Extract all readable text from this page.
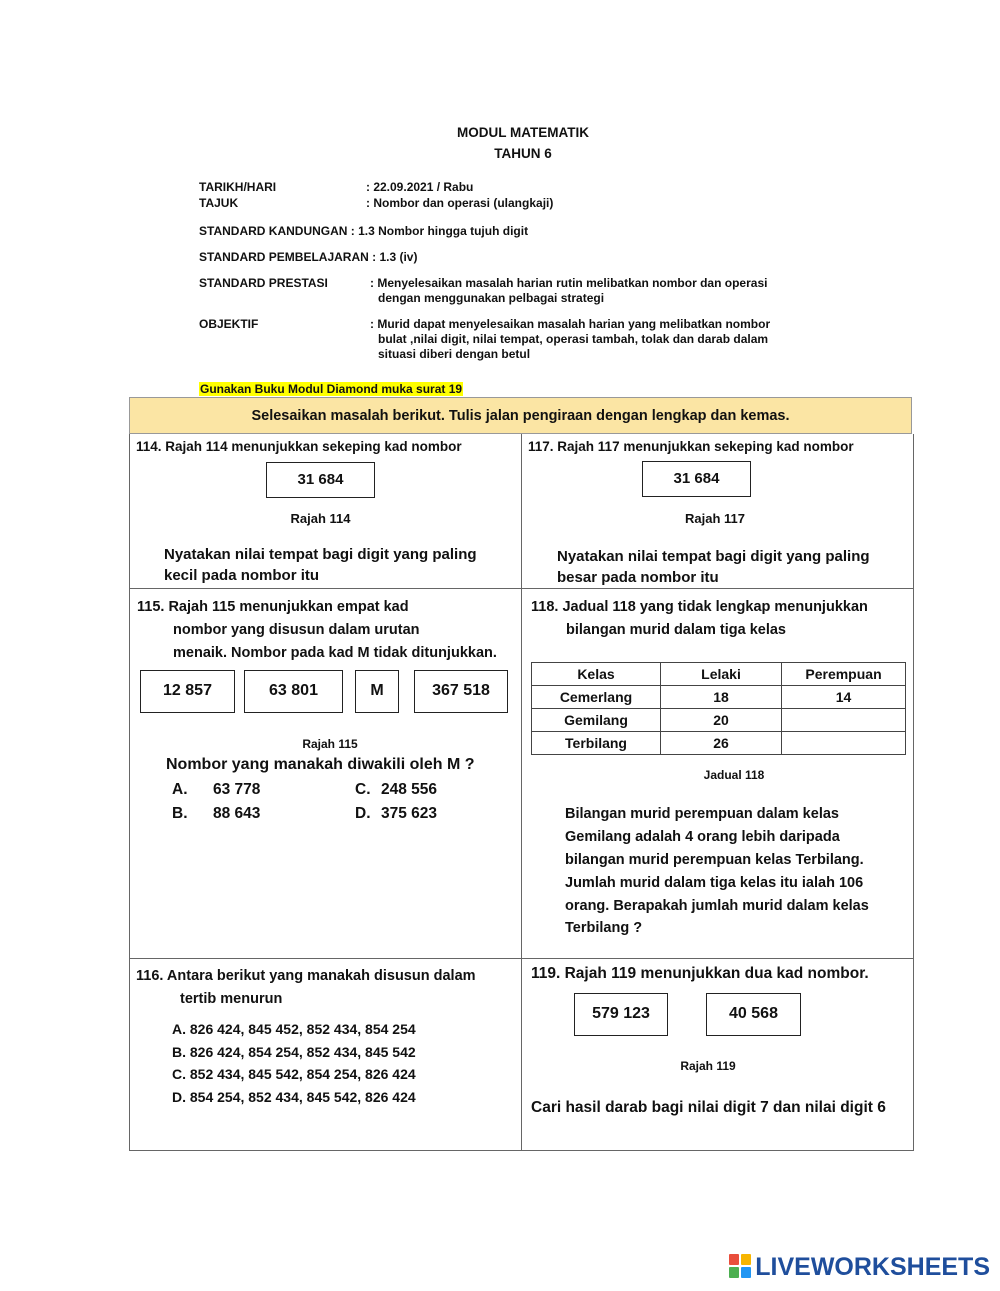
MODUL MATEMATIK
TAHUN 6
TARIKH/HARI	: 22.09.2021 / Rabu
TAJUK	: Nombor dan operasi (ulangkaji)
STANDARD KANDUNGAN : 1.3 Nombor hingga tujuh digit
STANDARD PEMBELAJARAN : 1.3 (iv)
STANDARD PRESTASI	: Menyelesaikan masalah harian rutin melibatkan nombor dan operasi
dengan menggunakan pelbagai strategi
OBJEKTIF	: Murid dapat menyelesaikan masalah harian yang melibatkan nombor
bulat ,nilai digit, nilai tempat, operasi tambah, tolak dan darab dalam
situasi diberi dengan betul
Gunakan Buku Modul Diamond muka surat 19
Selesaikan masalah berikut. Tulis jalan pengiraan dengan lengkap dan kemas.
114. Rajah 114 menunjukkan sekeping kad nombor
31 684
Rajah 114
Nyatakan nilai tempat bagi digit yang paling
kecil pada nombor itu
117. Rajah 117 menunjukkan sekeping kad nombor
31 684
Rajah 117
Nyatakan nilai tempat bagi digit yang paling
besar pada nombor itu
115. Rajah 115 menunjukkan empat kad
nombor yang disusun dalam urutan
menaik. Nombor pada kad M tidak ditunjukkan.
12 857	63 801	M	367 518
Rajah 115
Nombor yang manakah diwakili oleh M ?
A. 63 778
B. 88 643
C. 248 556
D. 375 623
118. Jadual 118 yang tidak lengkap menunjukkan
bilangan murid dalam tiga kelas
Kelas	Lelaki	Perempuan
Cemerlang	18	14
Gemilang	20	
Terbilang	26	
Jadual 118
Bilangan murid perempuan dalam kelas
Gemilang adalah 4 orang lebih daripada
bilangan murid perempuan kelas Terbilang.
Jumlah murid dalam tiga kelas itu ialah 106
orang. Berapakah jumlah murid dalam kelas
Terbilang ?
116. Antara berikut yang manakah disusun dalam
tertib menurun
A. 826 424, 845 452, 852 434, 854 254
B. 826 424, 854 254, 852 434, 845 542
C. 852 434, 845 542, 854 254, 826 424
D. 854 254, 852 434, 845 542, 826 424
119. Rajah 119 menunjukkan dua kad nombor.
579 123	40 568
Rajah 119
Cari hasil darab bagi nilai digit 7 dan nilai digit 6
LIVEWORKSHEETS
